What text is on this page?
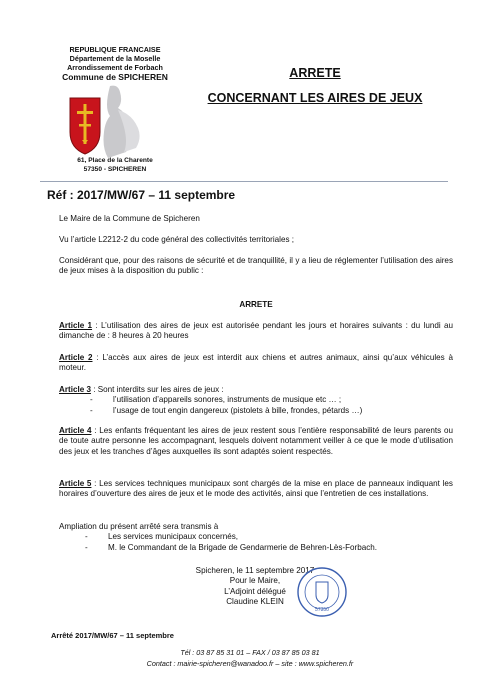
REPUBLIQUE FRANCAISE
Département de la Moselle
Arrondissement de Forbach
Commune de SPICHEREN
61, Place de la Charente
57350 - SPICHEREN
ARRETE
CONCERNANT LES AIRES DE JEUX
Réf : 2017/MW/67 – 11 septembre
Le Maire de la Commune de Spicheren
Vu l’article L2212-2 du code général des collectivités territoriales ;
Considérant que, pour des raisons de sécurité et de tranquillité, il y a lieu de réglementer l’utilisation des aires de jeux mises à la disposition du public :
ARRETE
Article 1 : L’utilisation des aires de jeux est autorisée pendant les jours et horaires suivants : du lundi au dimanche de : 8 heures à 20 heures
Article 2 : L’accès aux aires de jeux est interdit aux chiens et autres animaux, ainsi qu’aux véhicules à moteur.
Article 3 : Sont interdits sur les aires de jeux :
- l’utilisation d’appareils sonores, instruments de musique etc … ;
- l’usage de tout engin dangereux (pistolets à bille, frondes, pétards …)
Article 4 : Les enfants fréquentant les aires de jeux restent sous l’entière responsabilité de leurs parents ou de toute autre personne les accompagnant, lesquels doivent notamment veiller à ce que le mode d’utilisation des jeux et les tranches d’âges auxquelles ils sont adaptés soient respectés.
Article 5 : Les services techniques municipaux sont chargés de la mise en place de panneaux indiquant les horaires d’ouverture des aires de jeux et le mode des activités, ainsi que l’entretien de ces installations.
Ampliation du présent arrêté sera transmis à
- Les services municipaux concernés,
- M. le Commandant de la Brigade de Gendarmerie de Behren-Lès-Forbach.
Spicheren, le 11 septembre 2017
Pour le Maire,
L’Adjoint délégué
Claudine KLEIN
57350
Arrêté 2017/MW/67 – 11 septembre
Tél : 03 87 85 31 01 – FAX / 03 87 85 03 81
Contact : mairie-spicheren@wanadoo.fr – site : www.spicheren.fr
